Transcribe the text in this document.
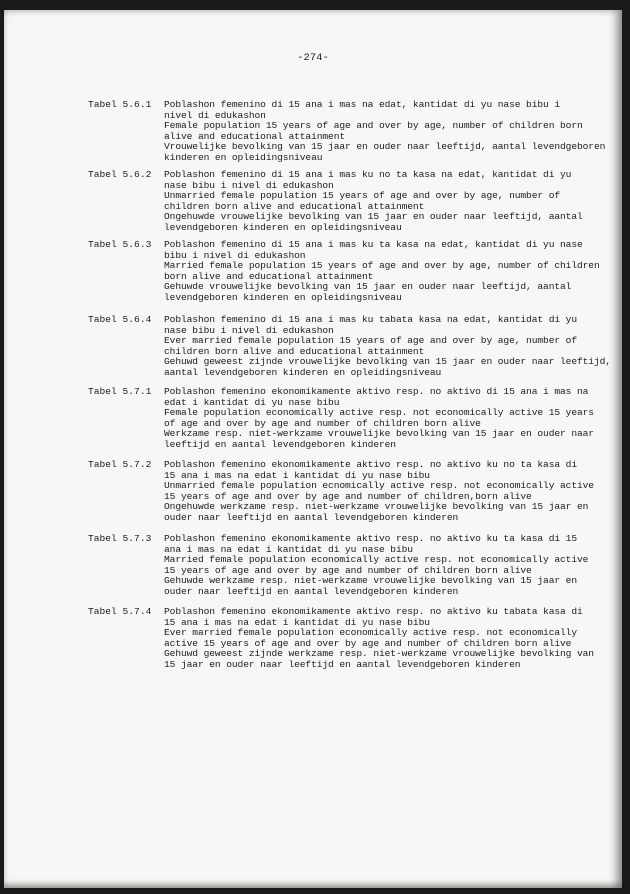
-274-
Tabel 5.6.1 Poblashon femenino di 15 ana i mas na edat, kantidat di yu nase bibu i
nivel di edukashon
Female population 15 years of age and over by age, number of children born
alive and educational attainment
Vrouwelijke bevolking van 15 jaar en ouder naar leeftijd, aantal levendgeboren
kinderen en opleidingsniveau
Tabel 5.6.2 Poblashon femenino di 15 ana i mas ku no ta kasa na edat, kantidat di yu
nase bibu i nivel di edukashon
Unmarried female population 15 years of age and over by age, number of
children born alive and educational attainment
Ongehuwde vrouwelijke bevolking van 15 jaar en ouder naar leeftijd, aantal
levendgeboren kinderen en opleidingsniveau
Tabel 5.6.3 Poblashon femenino di 15 ana i mas ku ta kasa na edat, kantidat di yu nase
bibu i nivel di edukashon
Married female population 15 years of age and over by age, number of children
born alive and educational attainment
Gehuwde vrouwelijke bevolking van 15 jaar en ouder naar leeftijd, aantal
levendgeboren kinderen en opleidingsniveau
Tabel 5.6.4 Poblashon femenino di 15 ana i mas ku tabata kasa na edat, kantidat di yu
nase bibu i nivel di edukashon
Ever married female population 15 years of age and over by age, number of
children born alive and educational attainment
Gehuwd geweest zijnde vrouwelijke bevolking van 15 jaar en ouder naar leeftijd,
aantal levendgeboren kinderen en opleidingsniveau
Tabel 5.7.1 Poblashon femenino ekonomikamente aktivo resp. no aktivo di 15 ana i mas na
edat i kantidat di yu nase bibu
Female population economically active resp. not economically active 15 years
of age and over by age and number of children born alive
Werkzame resp. niet-werkzame vrouwelijke bevolking van 15 jaar en ouder naar
leeftijd en aantal levendgeboren kinderen
Tabel 5.7.2 Poblashon femenino ekonomikamente aktivo resp. no aktivo ku no ta kasa di
15 ana i mas na edat i kantidat di yu nase bibu
Unmarried female population ecnomically active resp. not economically active
15 years of age and over by age and number of children,born alive
Ongehuwde werkzame resp. niet-werkzame vrouwelijke bevolking van 15 jaar en
ouder naar leeftijd en aantal levendgeboren kinderen
Tabel 5.7.3 Poblashon femenino ekonomikamente aktivo resp. no aktivo ku ta kasa di 15
ana i mas na edat i kantidat di yu nase bibu
Married female population economically active resp. not economically active
15 years of age and over by age and number of children born alive
Gehuwde werkzame resp. niet-werkzame vrouwelijke bevolking van 15 jaar en
ouder naar leeftijd en aantal levendgeboren kinderen
Tabel 5.7.4 Poblashon femenino ekonomikamente aktivo resp. no aktivo ku tabata kasa di
15 ana i mas na edat i kantidat di yu nase bibu
Ever married female population economically active resp. not economically
active 15 years of age and over by age and number of children born alive
Gehuwd geweest zijnde werkzame resp. niet-werkzame vrouwelijke bevolking van
15 jaar en ouder naar leeftijd en aantal levendgeboren kinderen
